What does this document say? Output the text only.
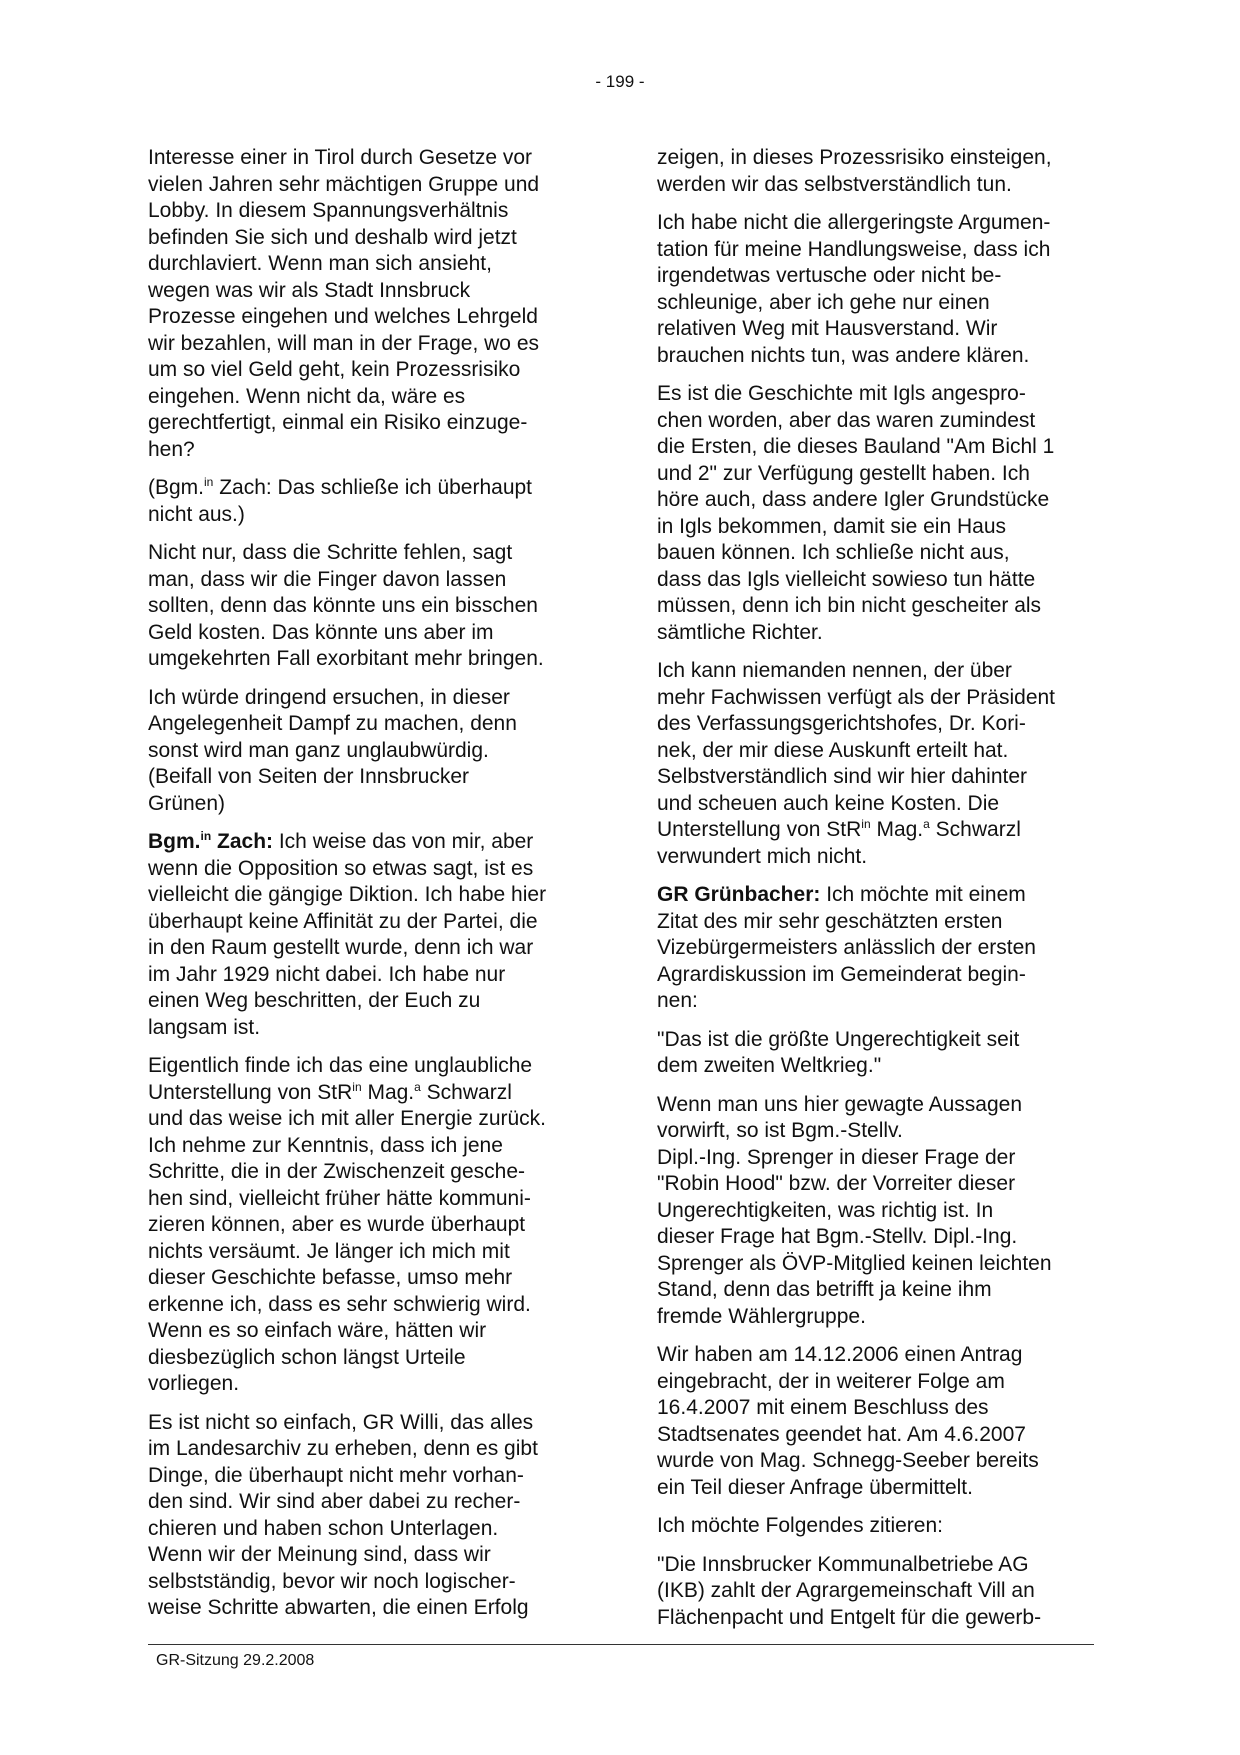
- 199 -

Interesse einer in Tirol durch Gesetze vor
vielen Jahren sehr mächtigen Gruppe und
Lobby. In diesem Spannungsverhältnis
befinden Sie sich und deshalb wird jetzt
durchlaviert. Wenn man sich ansieht,
wegen was wir als Stadt Innsbruck
Prozesse eingehen und welches Lehrgeld
wir bezahlen, will man in der Frage, wo es
um so viel Geld geht, kein Prozessrisiko
eingehen. Wenn nicht da, wäre es
gerechtfertigt, einmal ein Risiko einzuge-
hen?

(Bgm.$^{in}$ Zach: Das schließe ich überhaupt
nicht aus.)

Nicht nur, dass die Schritte fehlen, sagt
man, dass wir die Finger davon lassen
sollten, denn das könnte uns ein bisschen
Geld kosten. Das könnte uns aber im
umgekehrten Fall exorbitant mehr bringen.

Ich würde dringend ersuchen, in dieser
Angelegenheit Dampf zu machen, denn
sonst wird man ganz unglaubwürdig.
(Beifall von Seiten der Innsbrucker
Grünen)

Bgm.$^{in}$ Zach: Ich weise das von mir, aber
wenn die Opposition so etwas sagt, ist es
vielleicht die gängige Diktion. Ich habe hier
überhaupt keine Affinität zu der Partei, die
in den Raum gestellt wurde, denn ich war
im Jahr 1929 nicht dabei. Ich habe nur
einen Weg beschritten, der Euch zu
langsam ist.

Eigentlich finde ich das eine unglaubliche
Unterstellung von StR$^{in}$ Mag.$^a$ Schwarzl
und das weise ich mit aller Energie zurück.
Ich nehme zur Kenntnis, dass ich jene
Schritte, die in der Zwischenzeit gesche-
hen sind, vielleicht früher hätte kommuni-
zieren können, aber es wurde überhaupt
nichts versäumt. Je länger ich mich mit
dieser Geschichte befasse, umso mehr
erkenne ich, dass es sehr schwierig wird.
Wenn es so einfach wäre, hätten wir
diesbezüglich schon längst Urteile
vorliegen.

Es ist nicht so einfach, GR Willi, das alles
im Landesarchiv zu erheben, denn es gibt
Dinge, die überhaupt nicht mehr vorhan-
den sind. Wir sind aber dabei zu recher-
chieren und haben schon Unterlagen.
Wenn wir der Meinung sind, dass wir
selbstständig, bevor wir noch logischer-
weise Schritte abwarten, die einen Erfolg

zeigen, in dieses Prozessrisiko einsteigen,
werden wir das selbstverständlich tun.

Ich habe nicht die allergeringste Argumen-
tation für meine Handlungsweise, dass ich
irgendetwas vertusche oder nicht be-
schleunige, aber ich gehe nur einen
relativen Weg mit Hausverstand. Wir
brauchen nichts tun, was andere klären.

Es ist die Geschichte mit Igls angespro-
chen worden, aber das waren zumindest
die Ersten, die dieses Bauland "Am Bichl 1
und 2" zur Verfügung gestellt haben. Ich
höre auch, dass andere Igler Grundstücke
in Igls bekommen, damit sie ein Haus
bauen können. Ich schließe nicht aus,
dass das Igls vielleicht sowieso tun hätte
müssen, denn ich bin nicht gescheiter als
sämtliche Richter.

Ich kann niemanden nennen, der über
mehr Fachwissen verfügt als der Präsident
des Verfassungsgerichtshofes, Dr. Kori-
nek, der mir diese Auskunft erteilt hat.
Selbstverständlich sind wir hier dahinter
und scheuen auch keine Kosten. Die
Unterstellung von StR$^{in}$ Mag.$^a$ Schwarzl
verwundert mich nicht.

GR Grünbacher: Ich möchte mit einem
Zitat des mir sehr geschätzten ersten
Vizebürgermeisters anlässlich der ersten
Agrardiskussion im Gemeinderat begin-
nen:

"Das ist die größte Ungerechtigkeit seit
dem zweiten Weltkrieg."

Wenn man uns hier gewagte Aussagen
vorwirft, so ist Bgm.-Stellv.
Dipl.-Ing. Sprenger in dieser Frage der
"Robin Hood" bzw. der Vorreiter dieser
Ungerechtigkeiten, was richtig ist. In
dieser Frage hat Bgm.-Stellv. Dipl.-Ing.
Sprenger als ÖVP-Mitglied keinen leichten
Stand, denn das betrifft ja keine ihm
fremde Wählergruppe.

Wir haben am 14.12.2006 einen Antrag
eingebracht, der in weiterer Folge am
16.4.2007 mit einem Beschluss des
Stadtsenates geendet hat. Am 4.6.2007
wurde von Mag. Schnegg-Seeber bereits
ein Teil dieser Anfrage übermittelt.

Ich möchte Folgendes zitieren:

"Die Innsbrucker Kommunalbetriebe AG
(IKB) zahlt der Agrargemeinschaft Vill an
Flächenpacht und Entgelt für die gewerb-

GR-Sitzung 29.2.2008
